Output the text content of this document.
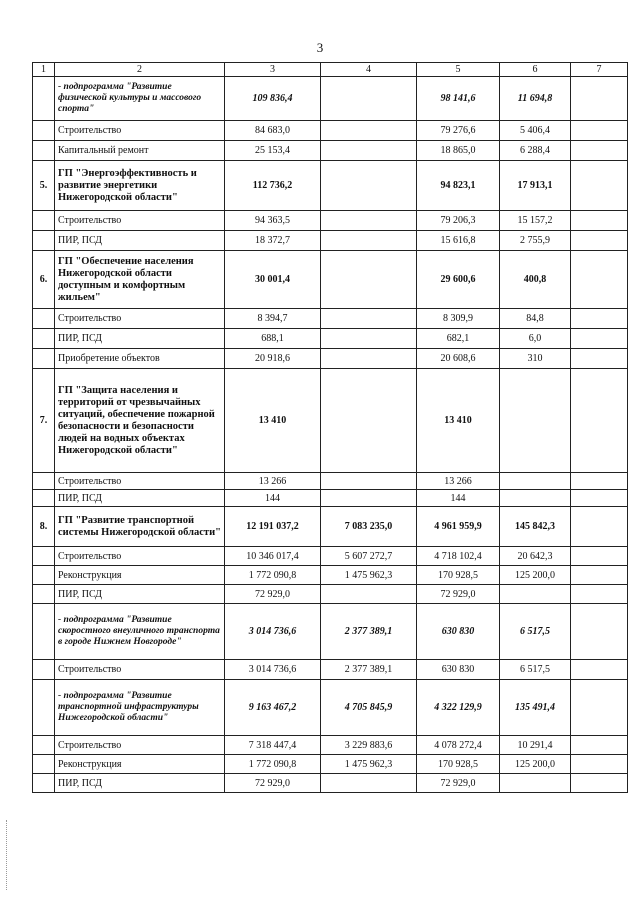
3
1	2	3	4	5	6	7
	- подпрограмма "Развитие физической культуры и массового спорта"	109 836,4		98 141,6	11 694,8	
	Строительство	84 683,0		79 276,6	5 406,4	
	Капитальный ремонт	25 153,4		18 865,0	6 288,4	
5.	ГП "Энергоэффективность и развитие энергетики Нижегородской области"	112 736,2		94 823,1	17 913,1	
	Строительство	94 363,5		79 206,3	15 157,2	
	ПИР, ПСД	18 372,7		15 616,8	2 755,9	
6.	ГП "Обеспечение населения Нижегородской области доступным и комфортным жильем"	30 001,4		29 600,6	400,8	
	Строительство	8 394,7		8 309,9	84,8	
	ПИР, ПСД	688,1		682,1	6,0	
	Приобретение объектов	20 918,6		20 608,6	310	
7.	ГП "Защита населения и территорий от чрезвычайных ситуаций, обеспечение пожарной безопасности и безопасности людей на водных объектах Нижегородской области"	13 410		13 410		
	Строительство	13 266		13 266		
	ПИР, ПСД	144		144		
8.	ГП "Развитие транспортной системы Нижегородской области"	12 191 037,2	7 083 235,0	4 961 959,9	145 842,3	
	Строительство	10 346 017,4	5 607 272,7	4 718 102,4	20 642,3	
	Реконструкция	1 772 090,8	1 475 962,3	170 928,5	125 200,0	
	ПИР, ПСД	72 929,0		72 929,0		
	- подпрограмма "Развитие скоростного внеуличного транспорта в городе Нижнем Новгороде"	3 014 736,6	2 377 389,1	630 830	6 517,5	
	Строительство	3 014 736,6	2 377 389,1	630 830	6 517,5	
	- подпрограмма "Развитие транспортной инфраструктуры Нижегородской области"	9 163 467,2	4 705 845,9	4 322 129,9	135 491,4	
	Строительство	7 318 447,4	3 229 883,6	4 078 272,4	10 291,4	
	Реконструкция	1 772 090,8	1 475 962,3	170 928,5	125 200,0	
	ПИР, ПСД	72 929,0		72 929,0		
